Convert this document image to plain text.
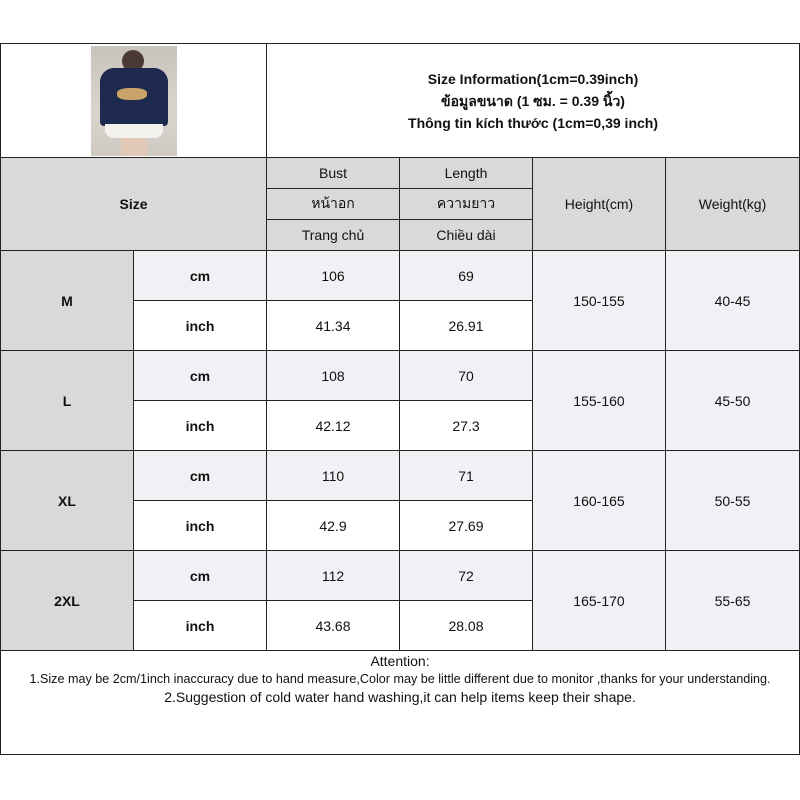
		Size Information(1cm=0.39inch)
ข้อมูลขนาด (1 ซม. = 0.39 นิ้ว)
Thông tin kích thước (1cm=0,39 inch)			

Size		Bust	Length	Height(cm)	Weight(kg)
		หน้าอก	ความยาว		
		Trang chủ	Chiều dài		
M	cm	106	69	150-155	40-45
	inch	41.34	26.91		
L	cm	108	70	155-160	45-50
	inch	42.12	27.3		
XL	cm	110	71	160-165	50-55
	inch	42.9	27.69		
2XL	cm	112	72	165-170	55-65
	inch	43.68	28.08		

Attention:
1.Size may be 2cm/1inch inaccuracy due to hand measure,Color may be little different due to monitor ,thanks for your understanding.
2.Suggestion of cold water hand washing,it can help items keep their shape.					
